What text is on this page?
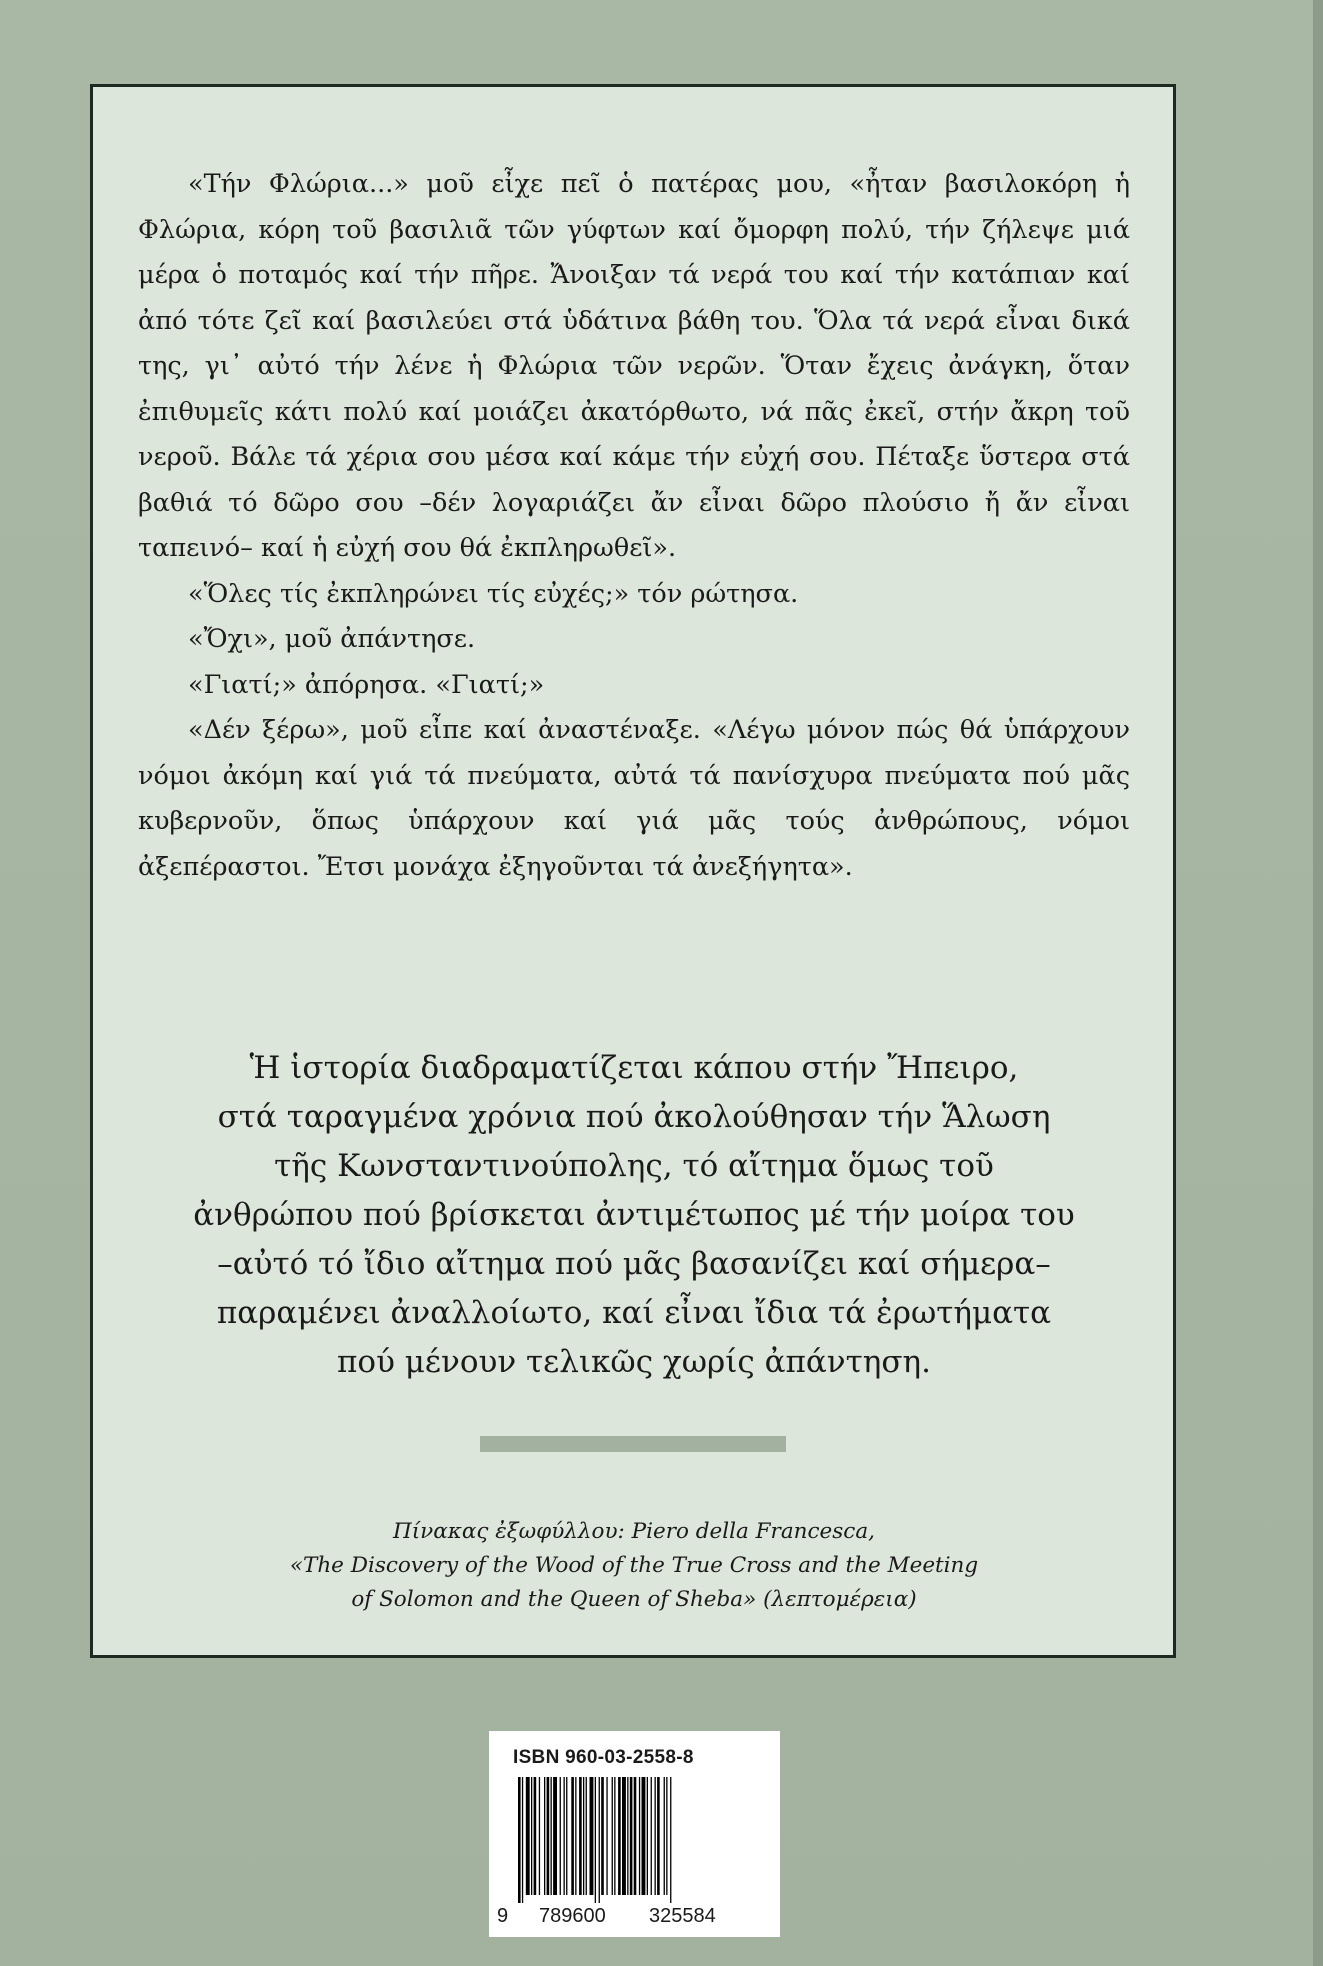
«Τήν Φλώρια...» μοῦ εἶχε πεῖ ὁ πατέρας μου, «ἦταν βασιλοκόρη ἡ Φλώρια, κόρη τοῦ βασιλιᾶ τῶν γύφτων καί ὄμορφη πολύ, τήν ζήλεψε μιά μέρα ὁ ποταμός καί τήν πῆρε. Ἄνοιξαν τά νερά του καί τήν κατάπιαν καί ἀπό τότε ζεῖ καί βασιλεύει στά ὑδάτινα βάθη του. Ὅλα τά νερά εἶναι δικά της, γι᾽ αὐτό τήν λένε ἡ Φλώρια τῶν νερῶν. Ὅταν ἔχεις ἀνάγκη, ὅταν ἐπιθυμεῖς κάτι πολύ καί μοιάζει ἀκατόρθωτο, νά πᾶς ἐκεῖ, στήν ἄκρη τοῦ νεροῦ. Βάλε τά χέρια σου μέσα καί κάμε τήν εὐχή σου. Πέταξε ὕστερα στά βαθιά τό δῶρο σου –δέν λογαριάζει ἄν εἶναι δῶρο πλούσιο ἤ ἄν εἶναι ταπεινό– καί ἡ εὐχή σου θά ἐκπληρωθεῖ».

«Ὅλες τίς ἐκπληρώνει τίς εὐχές;» τόν ρώτησα.

«Ὄχι», μοῦ ἀπάντησε.

«Γιατί;» ἀπόρησα. «Γιατί;»

«Δέν ξέρω», μοῦ εἶπε καί ἀναστέναξε. «Λέγω μόνον πώς θά ὑπάρχουν νόμοι ἀκόμη καί γιά τά πνεύματα, αὐτά τά πανίσχυρα πνεύματα πού μᾶς κυβερνοῦν, ὅπως ὑπάρχουν καί γιά μᾶς τούς ἀνθρώπους, νόμοι ἀξεπέραστοι. Ἔτσι μονάχα ἐξηγοῦνται τά ἀνεξήγητα».

Ἡ ἱστορία διαδραματίζεται κάπου στήν Ἤπειρο,
στά ταραγμένα χρόνια πού ἀκολούθησαν τήν Ἅλωση
τῆς Κωνσταντινούπολης, τό αἴτημα ὅμως τοῦ
ἀνθρώπου πού βρίσκεται ἀντιμέτωπος μέ τήν μοίρα του
–αὐτό τό ἴδιο αἴτημα πού μᾶς βασανίζει καί σήμερα–
παραμένει ἀναλλοίωτο, καί εἶναι ἴδια τά ἐρωτήματα
πού μένουν τελικῶς χωρίς ἀπάντηση.
Πίνακας ἐξωφύλλου: Piero della Francesca,
«The Discovery of the Wood of the True Cross and the Meeting
of Solomon and the Queen of Sheba» (λεπτομέρεια)
ISBN 960-03-2558-8
9 789600 325584
